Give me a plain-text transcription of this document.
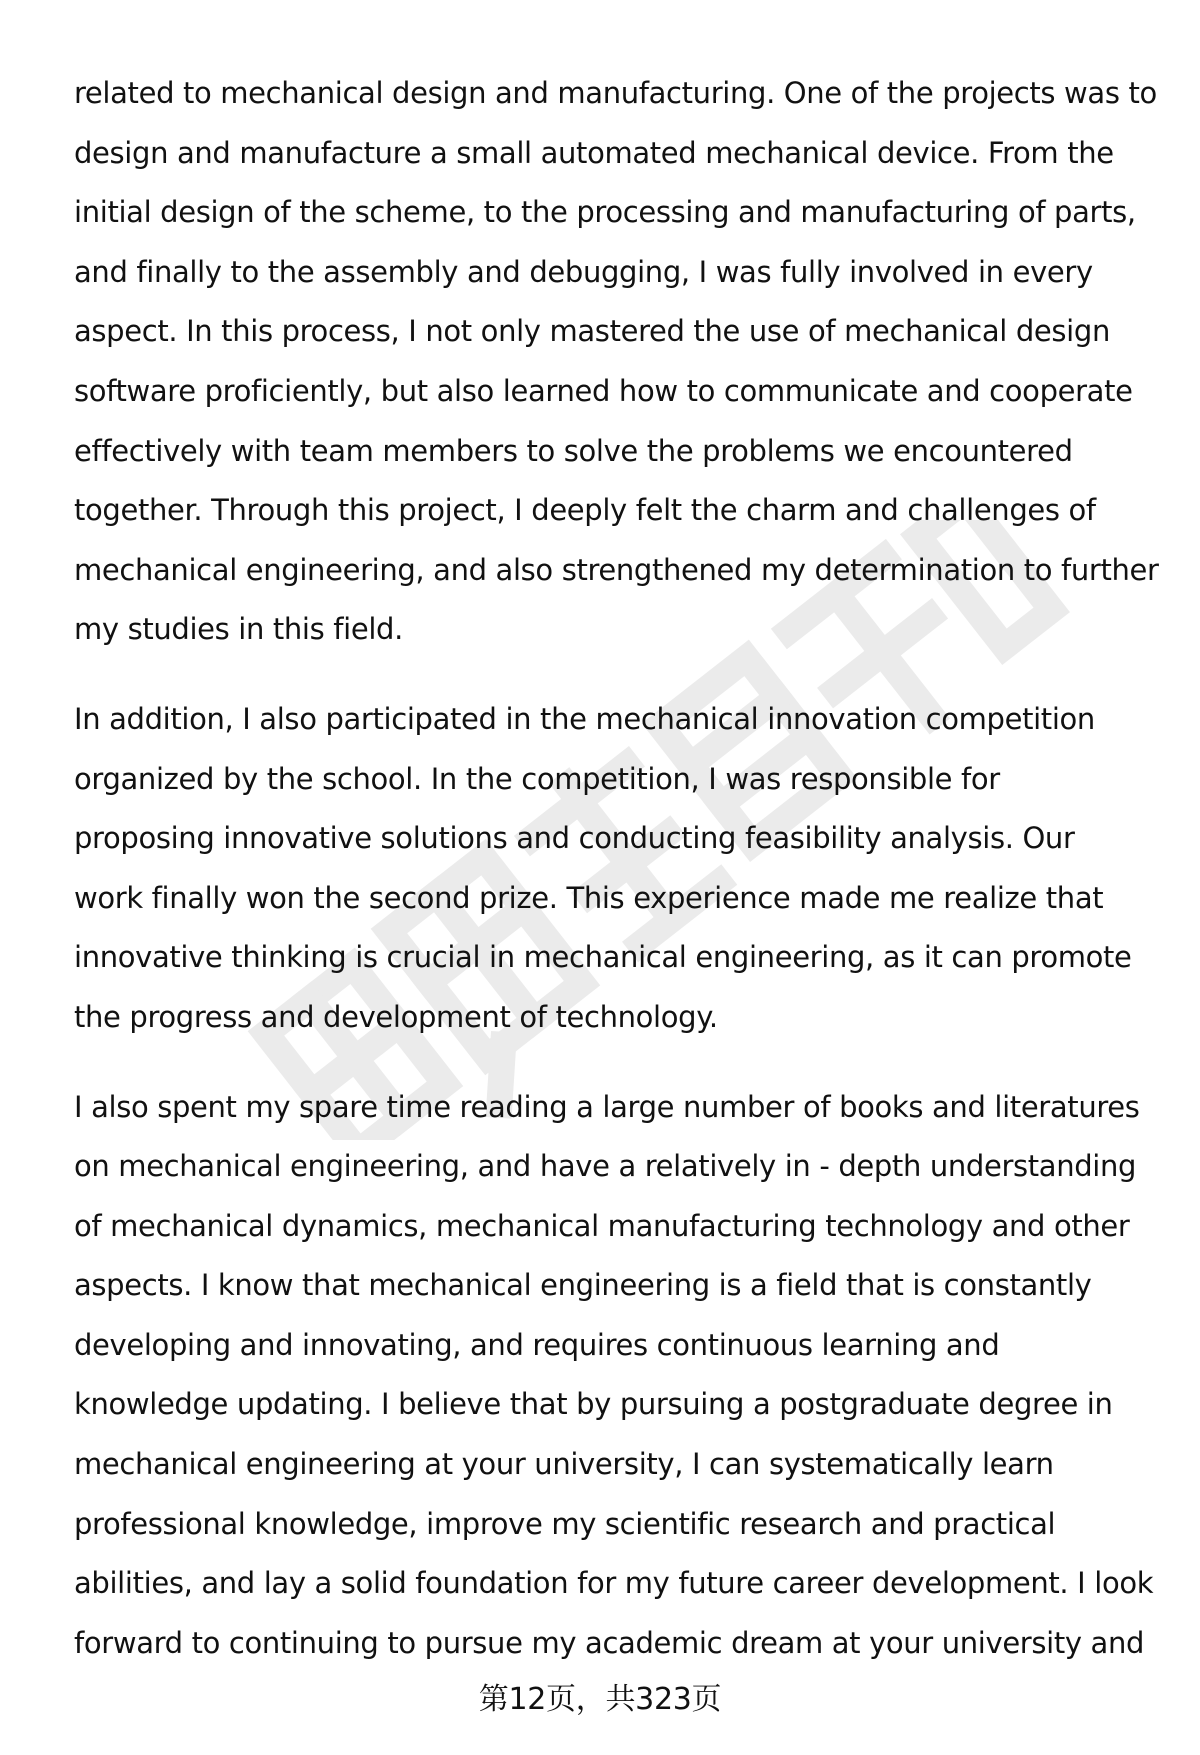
related to mechanical design and manufacturing. One of the projects was to
design and manufacture a small automated mechanical device. From the
initial design of the scheme, to the processing and manufacturing of parts,
and finally to the assembly and debugging, I was fully involved in every
aspect. In this process, I not only mastered the use of mechanical design
software proficiently, but also learned how to communicate and cooperate
effectively with team members to solve the problems we encountered
together. Through this project, I deeply felt the charm and challenges of
mechanical engineering, and also strengthened my determination to further
my studies in this field.

In addition, I also participated in the mechanical innovation competition
organized by the school. In the competition, I was responsible for
proposing innovative solutions and conducting feasibility analysis. Our
work finally won the second prize. This experience made me realize that
innovative thinking is crucial in mechanical engineering, as it can promote
the progress and development of technology.

I also spent my spare time reading a large number of books and literatures
on mechanical engineering, and have a relatively in - depth understanding
of mechanical dynamics, mechanical manufacturing technology and other
aspects. I know that mechanical engineering is a field that is constantly
developing and innovating, and requires continuous learning and
knowledge updating. I believe that by pursuing a postgraduate degree in
mechanical engineering at your university, I can systematically learn
professional knowledge, improve my scientific research and practical
abilities, and lay a solid foundation for my future career development. I look
forward to continuing to pursue my academic dream at your university and

第12页，共323页
